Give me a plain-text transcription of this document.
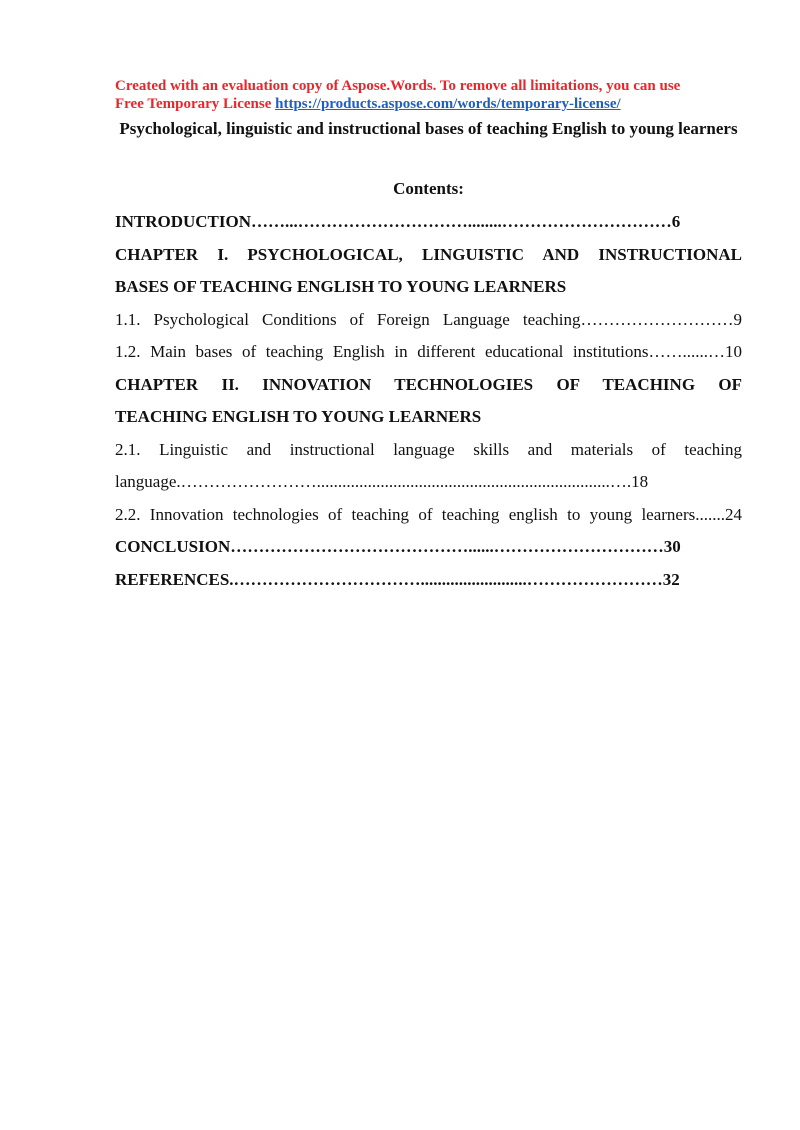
Created with an evaluation copy of Aspose.Words. To remove all limitations, you can use
Free Temporary License https://products.aspose.com/words/temporary-license/
Psychological, linguistic and instructional bases of teaching English to young learners
Contents:
INTRODUCTION……...…………………………........…………………………6
CHAPTER I. PSYCHOLOGICAL, LINGUISTIC AND INSTRUCTIONAL
BASES OF TEACHING ENGLISH TO YOUNG LEARNERS
1.1. Psychological Conditions of Foreign Language teaching………………………9
1.2. Main bases of teaching English in different educational institutions……......…10
CHAPTER II. INNOVATION TECHNOLOGIES OF TEACHING OF
TEACHING ENGLISH TO YOUNG LEARNERS
2.1. Linguistic and instructional language skills and materials of teaching
language.…………………….....................................................................….18
2.2. Innovation technologies of teaching of teaching english to young learners.......24
CONCLUSION……………………………………......…………………………30
REFERENCES.…………………………….........................……………………32
